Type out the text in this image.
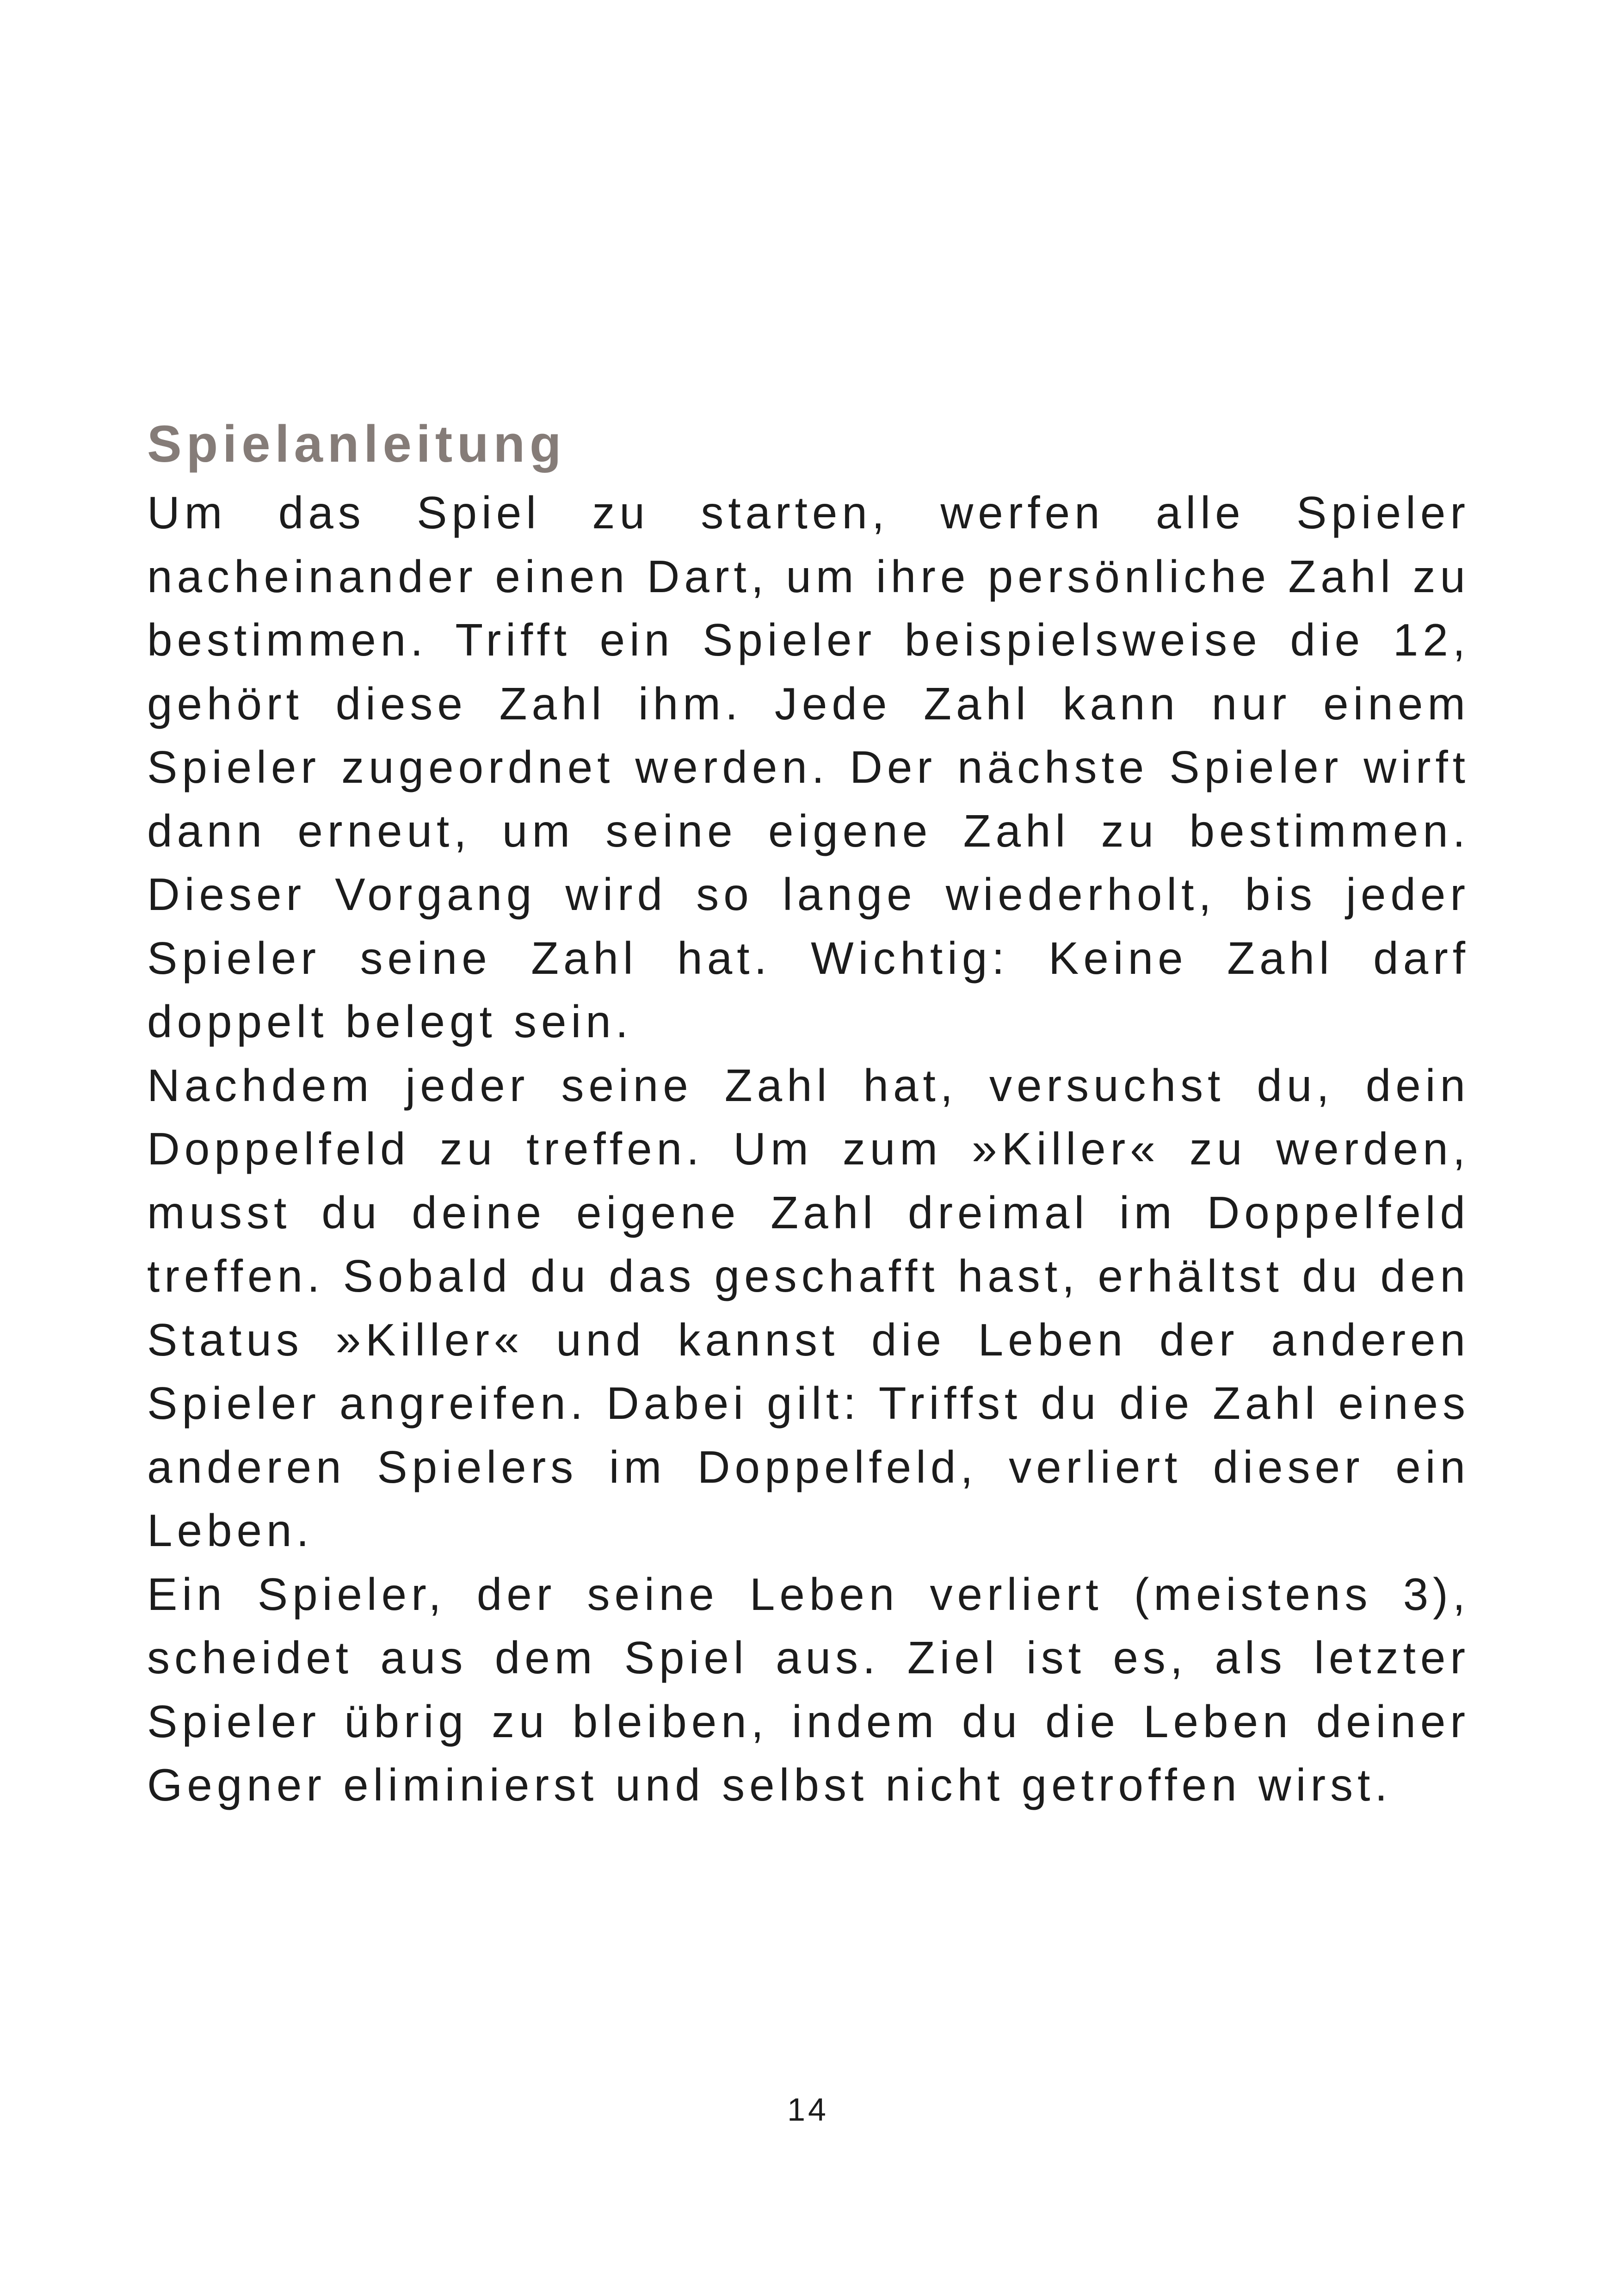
Spielanleitung

Um das Spiel zu starten, werfen alle Spieler nacheinander einen Dart, um ihre persönliche Zahl zu bestimmen. Trifft ein Spieler beispielsweise die 12, gehört diese Zahl ihm. Jede Zahl kann nur einem Spieler zugeordnet werden. Der nächste Spieler wirft dann erneut, um seine eigene Zahl zu bestimmen. Dieser Vorgang wird so lange wiederholt, bis jeder Spieler seine Zahl hat. Wichtig: Keine Zahl darf doppelt belegt sein.

Nachdem jeder seine Zahl hat, versuchst du, dein Doppelfeld zu treffen. Um zum »Killer« zu werden, musst du deine eigene Zahl dreimal im Doppelfeld treffen. Sobald du das geschafft hast, erhältst du den Status »Killer« und kannst die Leben der anderen Spieler angreifen. Dabei gilt: Triffst du die Zahl eines anderen Spielers im Doppelfeld, verliert dieser ein Leben.

Ein Spieler, der seine Leben verliert (meistens 3), scheidet aus dem Spiel aus. Ziel ist es, als letzter Spieler übrig zu bleiben, indem du die Leben deiner Gegner eliminierst und selbst nicht getroffen wirst.

14
